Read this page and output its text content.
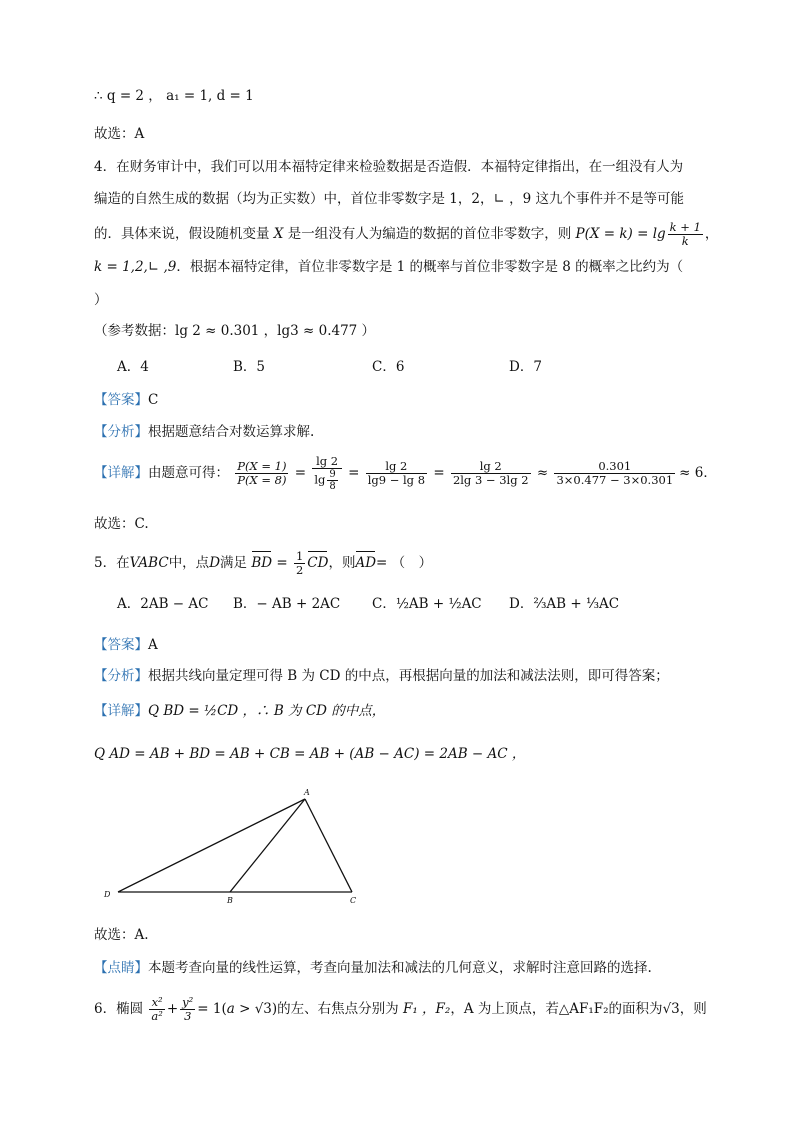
∴ q = 2 ， a₁ = 1, d = 1
故选：A
4．在财务审计中，我们可以用本福特定律来检验数据是否造假．本福特定律指出，在一组没有人为
编造的自然生成的数据（均为正实数）中，首位非零数字是 1，2，∟ ，9 这九个事件并不是等可能
的．具体来说，假设随机变量 X 是一组没有人为编造的数据的首位非零数字，则 $P(X = k) = \lg \frac{k + 1}{k}$ ，
k = 1,2,∟ ,9．根据本福特定律，首位非零数字是 1 的概率与首位非零数字是 8 的概率之比约为（
）
（参考数据：lg 2 ≈ 0.301 ，lg3 ≈ 0.477 ）
A．4	B．5	C．6	D．7
【答案】C
【分析】根据题意结合对数运算求解.
【详解】由题意可得： $\frac{P(X = 1)}{P(X = 8)} = \frac{\lg 2}{\lg \frac{9}{8}} = \frac{\lg 2}{\lg 9 - \lg 8} = \frac{\lg 2}{2\lg 3 - 3\lg 2} \approx \frac{0.301}{3\times 0.477 - 3\times 0.301} \approx 6$．
故选：C.
5．在VABC中，点D满足 BD = $\frac{1}{2}$ CD，则AD= （　）
A．2AB − AC B．− AB + 2AC C．½AB + ½AC D．⅔AB + ⅓AC
【答案】A
【分析】根据共线向量定理可得 B 为 CD 的中点，再根据向量的加法和减法法则，即可得答案；
【详解】Q BD = ½CD ，∴ B 为 CD 的中点，
Q AD = AB + BD = AB + CB = AB + (AB − AC) = 2AB − AC ，
A
D
B	C
故选：A.
【点睛】本题考查向量的线性运算，考查向量加法和减法的几何意义，求解时注意回路的选择.
6．椭圆 $\frac{\text{x²}}{\text{a²}} + \frac{\text{y²}}{3} = 1(a > √3)$的左、右焦点分别为 F₁ ，F₂，A 为上顶点，若△AF₁F₂的面积为√3，则
